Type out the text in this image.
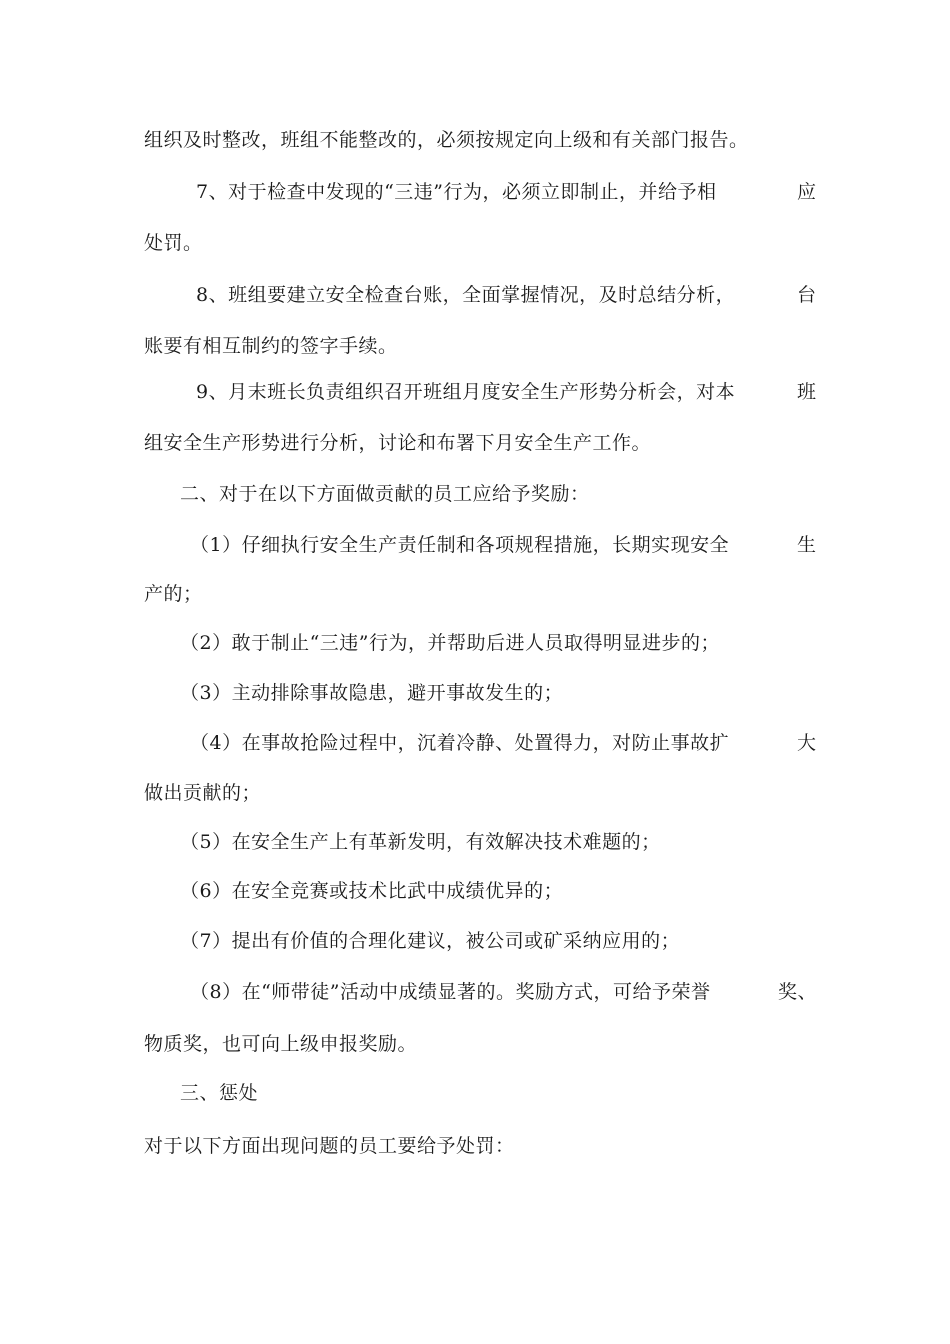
组织及时整改，班组不能整改的，必须按规定向上级和有关部门报告。
7、对于检查中发现的“三违”行为，必须立即制止，并给予相	应
处罚。
8、班组要建立安全检查台账，全面掌握情况，及时总结分析，	台
账要有相互制约的签字手续。
9、月末班长负责组织召开班组月度安全生产形势分析会，对本	班
组安全生产形势进行分析，讨论和布署下月安全生产工作。
二、对于在以下方面做贡献的员工应给予奖励：
（1）仔细执行安全生产责任制和各项规程措施，长期实现安全	生
产的；
（2）敢于制止“三违”行为，并帮助后进人员取得明显进步的；
（3）主动排除事故隐患，避开事故发生的；
（4）在事故抢险过程中，沉着冷静、处置得力，对防止事故扩	大
做出贡献的；
（5）在安全生产上有革新发明，有效解决技术难题的；
（6）在安全竞赛或技术比武中成绩优异的；
（7）提出有价值的合理化建议，被公司或矿采纳应用的；
（8）在“师带徒”活动中成绩显著的。奖励方式，可给予荣誉	奖、
物质奖，也可向上级申报奖励。
三、惩处
对于以下方面出现问题的员工要给予处罚：
